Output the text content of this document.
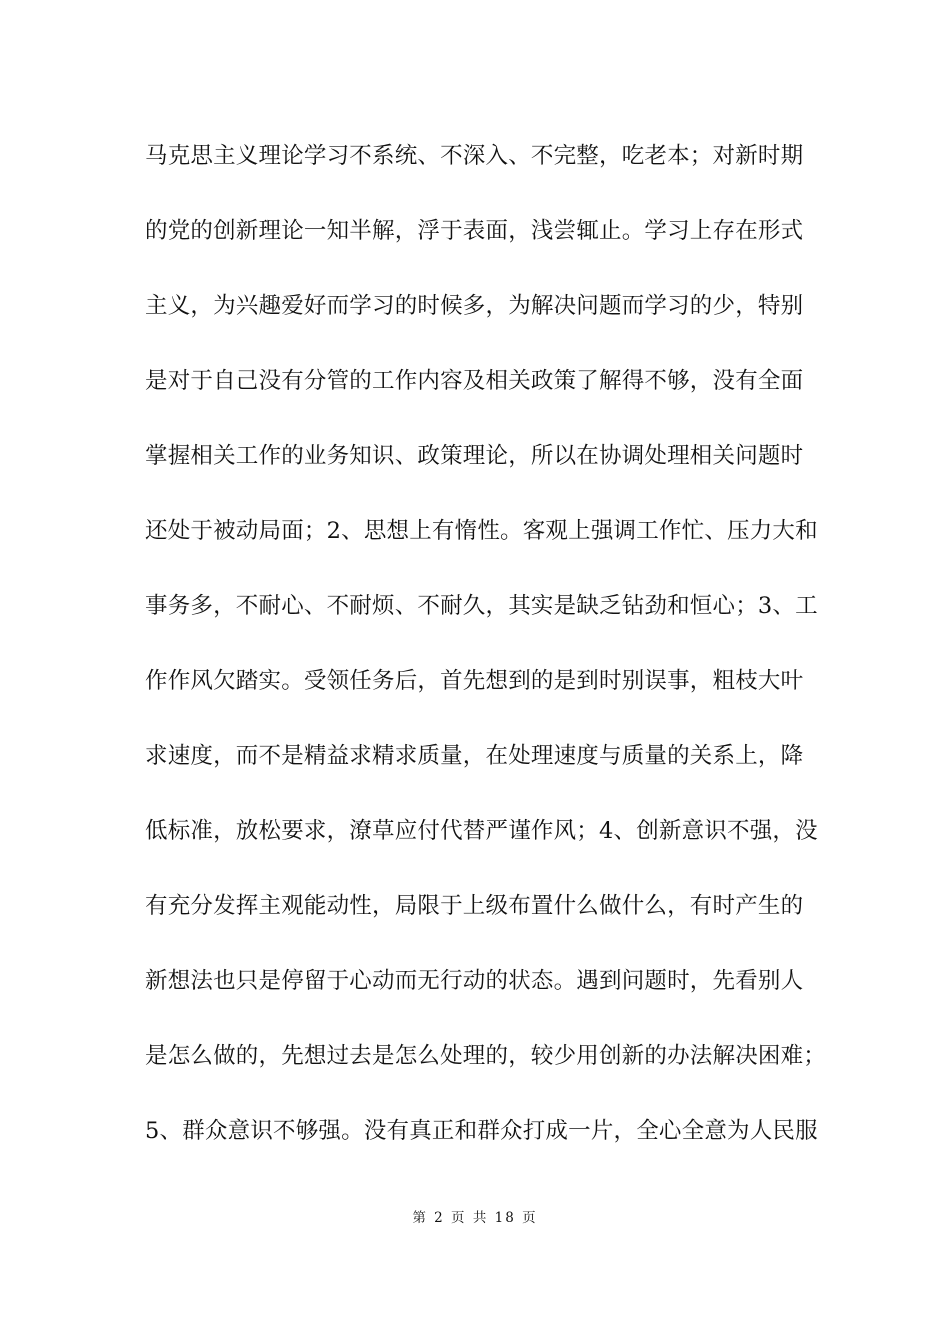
马克思主义理论学习不系统、不深入、不完整，吃老本；对新时期
的党的创新理论一知半解，浮于表面，浅尝辄止。学习上存在形式
主义，为兴趣爱好而学习的时候多，为解决问题而学习的少，特别
是对于自己没有分管的工作内容及相关政策了解得不够，没有全面
掌握相关工作的业务知识、政策理论，所以在协调处理相关问题时
还处于被动局面；2、思想上有惰性。客观上强调工作忙、压力大和
事务多，不耐心、不耐烦、不耐久，其实是缺乏钻劲和恒心；3、工
作作风欠踏实。受领任务后，首先想到的是到时别误事，粗枝大叶
求速度，而不是精益求精求质量，在处理速度与质量的关系上，降
低标准，放松要求，潦草应付代替严谨作风；4、创新意识不强，没
有充分发挥主观能动性，局限于上级布置什么做什么，有时产生的
新想法也只是停留于心动而无行动的状态。遇到问题时，先看别人
是怎么做的，先想过去是怎么处理的，较少用创新的办法解决困难；
5、群众意识不够强。没有真正和群众打成一片，全心全意为人民服
第 2 页 共 18 页
